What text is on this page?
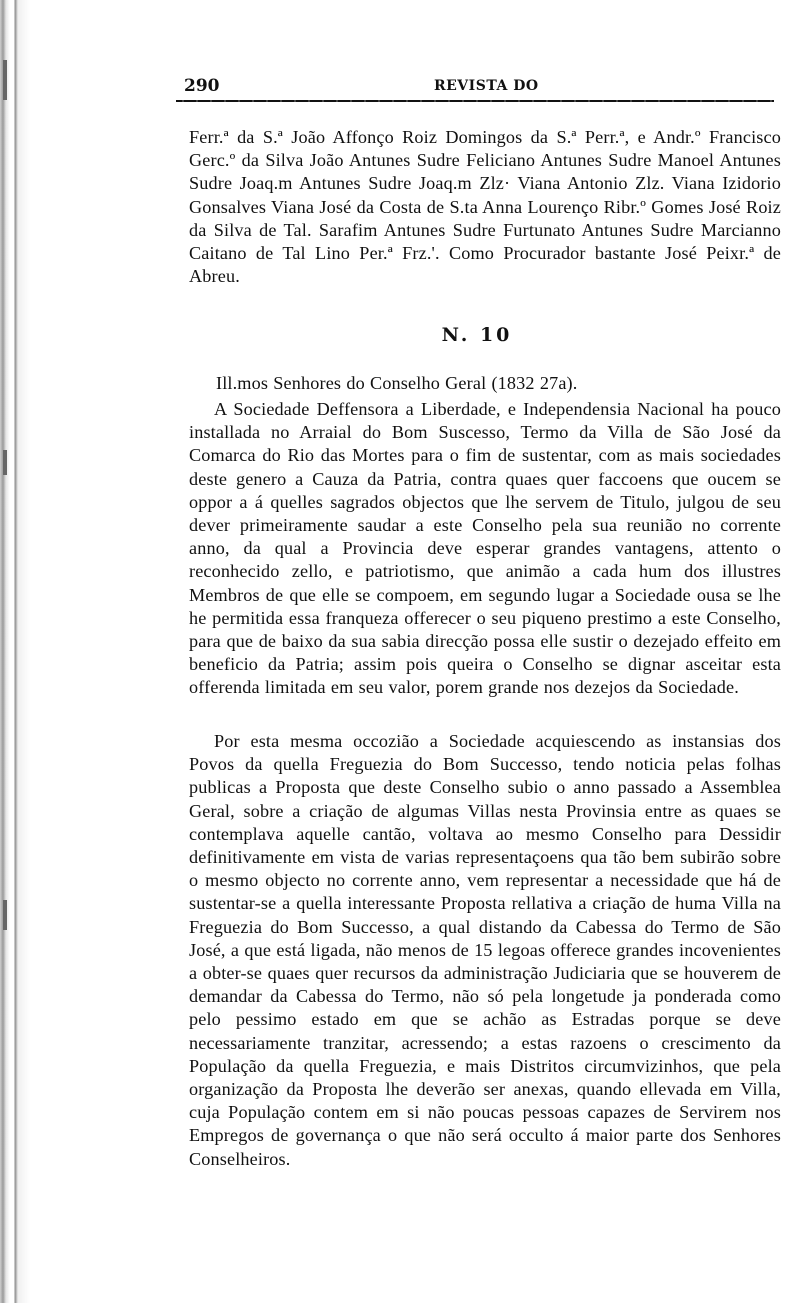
290	REVISTA DO

Ferr.ª da S.ª João Affonço Roiz Domingos da S.ª Perr.ª, e Andr.º Francisco Gerc.º da Silva João Antunes Sudre Feliciano Antunes Sudre Manoel Antunes Sudre Joaq.m Antunes Sudre Joaq.m Zlz· Viana Antonio Zlz. Viana Izidorio Gonsalves Viana José da Costa de S.ta Anna Lourenço Ribr.º Gomes José Roiz da Silva de Tal. Sarafim Antunes Sudre Furtunato Antunes Sudre Marcianno Caitano de Tal Lino Per.ª Frz.'. Como Procurador bastante José Peixr.ª de Abreu.

N. 10

Ill.mos Senhores do Conselho Geral (1832 27a).

A Sociedade Deffensora a Liberdade, e Independensia Nacional ha pouco installada no Arraial do Bom Suscesso, Termo da Villa de São José da Comarca do Rio das Mortes para o fim de sustentar, com as mais sociedades deste genero a Cauza da Patria, contra quaes quer faccoens que oucem se oppor a á quelles sagrados objectos que lhe servem de Titulo, julgou de seu dever primeiramente saudar a este Conselho pela sua reunião no corrente anno, da qual a Provincia deve esperar grandes vantagens, attento o reconhecido zello, e patriotismo, que animão a cada hum dos illustres Membros de que elle se compoem, em segundo lugar a Sociedade ousa se lhe he permitida essa franqueza offerecer o seu piqueno prestimo a este Conselho, para que de baixo da sua sabia direcção possa elle sustir o dezejado effeito em beneficio da Patria; assim pois queira o Conselho se dignar asceitar esta offerenda limitada em seu valor, porem grande nos dezejos da Sociedade.

Por esta mesma occozião a Sociedade acquiescendo as instansias dos Povos da quella Freguezia do Bom Successo, tendo noticia pelas folhas publicas a Proposta que deste Conselho subio o anno passado a Assemblea Geral, sobre a criação de algumas Villas nesta Provinsia entre as quaes se contemplava aquelle cantão, voltava ao mesmo Conselho para Dessidir definitivamente em vista de varias representaçoens qua tão bem subirão sobre o mesmo objecto no corrente anno, vem representar a necessidade que há de sustentar-se a quella interessante Proposta rellativa a criação de huma Villa na Freguezia do Bom Successo, a qual distando da Cabessa do Termo de São José, a que está ligada, não menos de 15 legoas offerece grandes incovenientes a obter-se quaes quer recursos da administração Judiciaria que se houverem de demandar da Cabessa do Termo, não só pela longetude ja ponderada como pelo pessimo estado em que se achão as Estradas porque se deve necessariamente tranzitar, acressendo; a estas razoens o crescimento da População da quella Freguezia, e mais Distritos circumvizinhos, que pela organização da Proposta lhe deverão ser anexas, quando ellevada em Villa, cuja População contem em si não poucas pessoas capazes de Servirem nos Empregos de governança o que não será occulto á maior parte dos Senhores Conselheiros.
